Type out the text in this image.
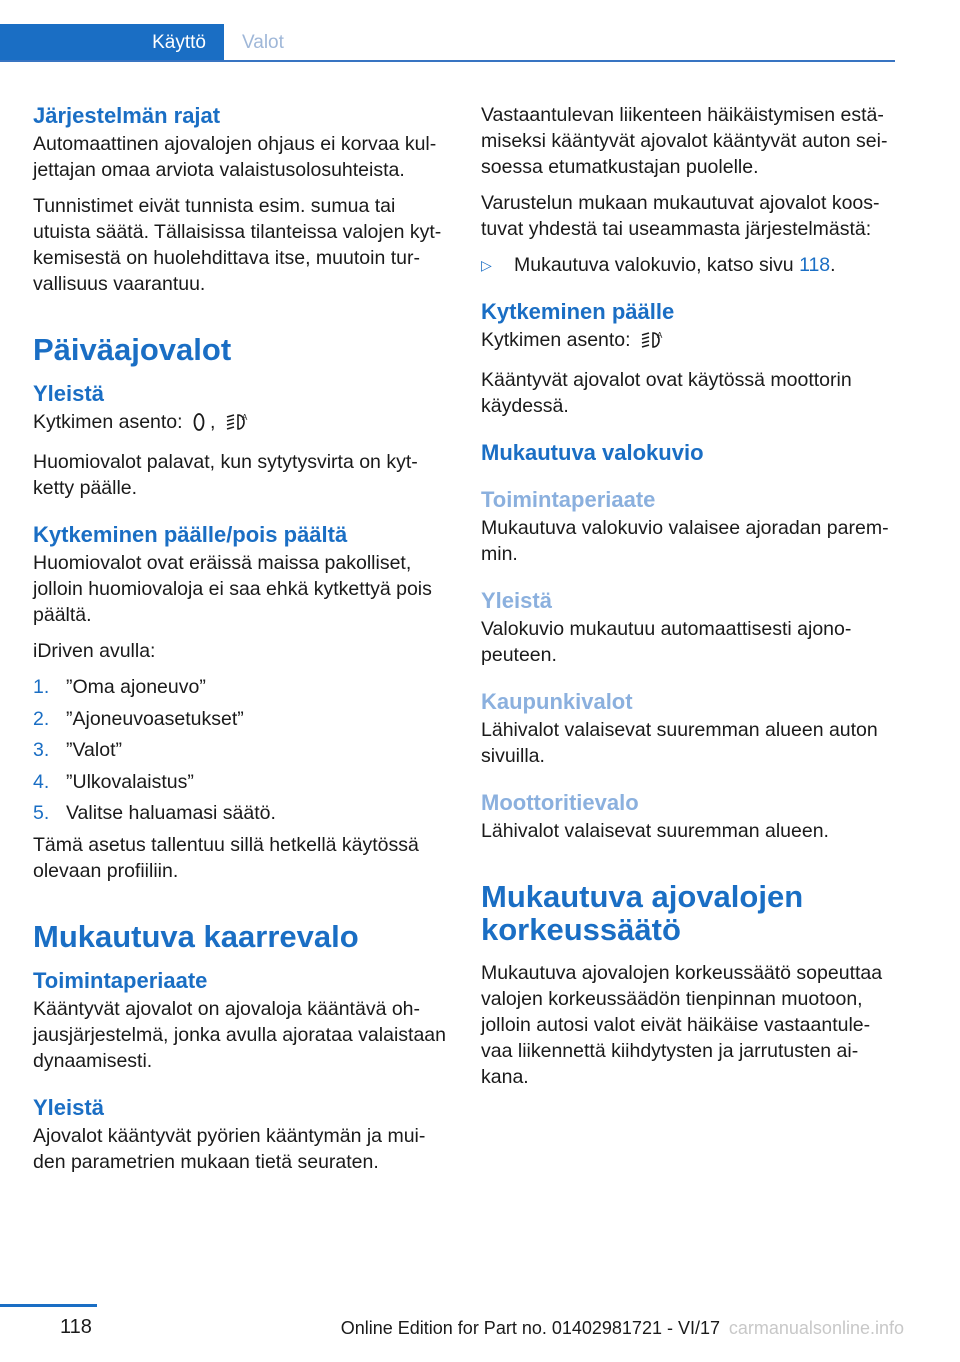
Käyttö	Valot
Järjestelmän rajat

Automaattinen ajovalojen ohjaus ei korvaa kul-jettajan omaa arviota valaistusolosuhteista.

Tunnistimet eivät tunnista esim. sumua tai utuista säätä. Tällaisissa tilanteissa valojen kyt-kemisestä on huolehdittava itse, muutoin tur-vallisuus vaarantuu.

Päiväajovalot
Yleistä

Kytkimen asento: ,	A

Huomiovalot palavat, kun sytytysvirta on kyt-ketty päälle.

Kytkeminen päälle/pois päältä

Huomiovalot ovat eräissä maissa pakolliset, jolloin huomiovaloja ei saa ehkä kytkettyä pois päältä.

iDriven avulla:

1. ”Oma ajoneuvo”
2. ”Ajoneuvoasetukset”
3. ”Valot”
4. ”Ulkovalaistus”
5. Valitse haluamasi säätö.

Tämä asetus tallentuu sillä hetkellä käytössä olevaan profiiliin.

Mukautuva kaarrevalo
Toimintaperiaate

Kääntyvät ajovalot on ajovaloja kääntävä oh-jausjärjestelmä, jonka avulla ajorataa valaistaan dynaamisesti.

Yleistä

Ajovalot kääntyvät pyörien kääntymän ja mui-den parametrien mukaan tietä seuraten.

Vastaantulevan liikenteen häikäistymisen estä-miseksi kääntyvät ajovalot kääntyvät auton sei-soessa etumatkustajan puolelle.

Varustelun mukaan mukautuvat ajovalot koos-tuvat yhdestä tai useammasta järjestelmästä:

▷ Mukautuva valokuvio, katso sivu 118.
Kytkeminen päälle

Kytkimen asento:	A

Kääntyvät ajovalot ovat käytössä moottorin käydessä.

Mukautuva valokuvio
Toimintaperiaate

Mukautuva valokuvio valaisee ajoradan parem-min.

Yleistä

Valokuvio mukautuu automaattisesti ajono-peuteen.

Kaupunkivalot

Lähivalot valaisevat suuremman alueen auton sivuilla.

Moottoritievalo

Lähivalot valaisevat suuremman alueen.

Mukautuva ajovalojen
korkeussäätö

Mukautuva ajovalojen korkeussäätö sopeuttaa valojen korkeussäädön tienpinnan muotoon, jolloin autosi valot eivät häikäise vastaantule-vaa liikennettä kiihdytysten ja jarrutusten ai-kana.

118	Online Edition for Part no. 01402981721 - VI/17 carmanualsonline.info
